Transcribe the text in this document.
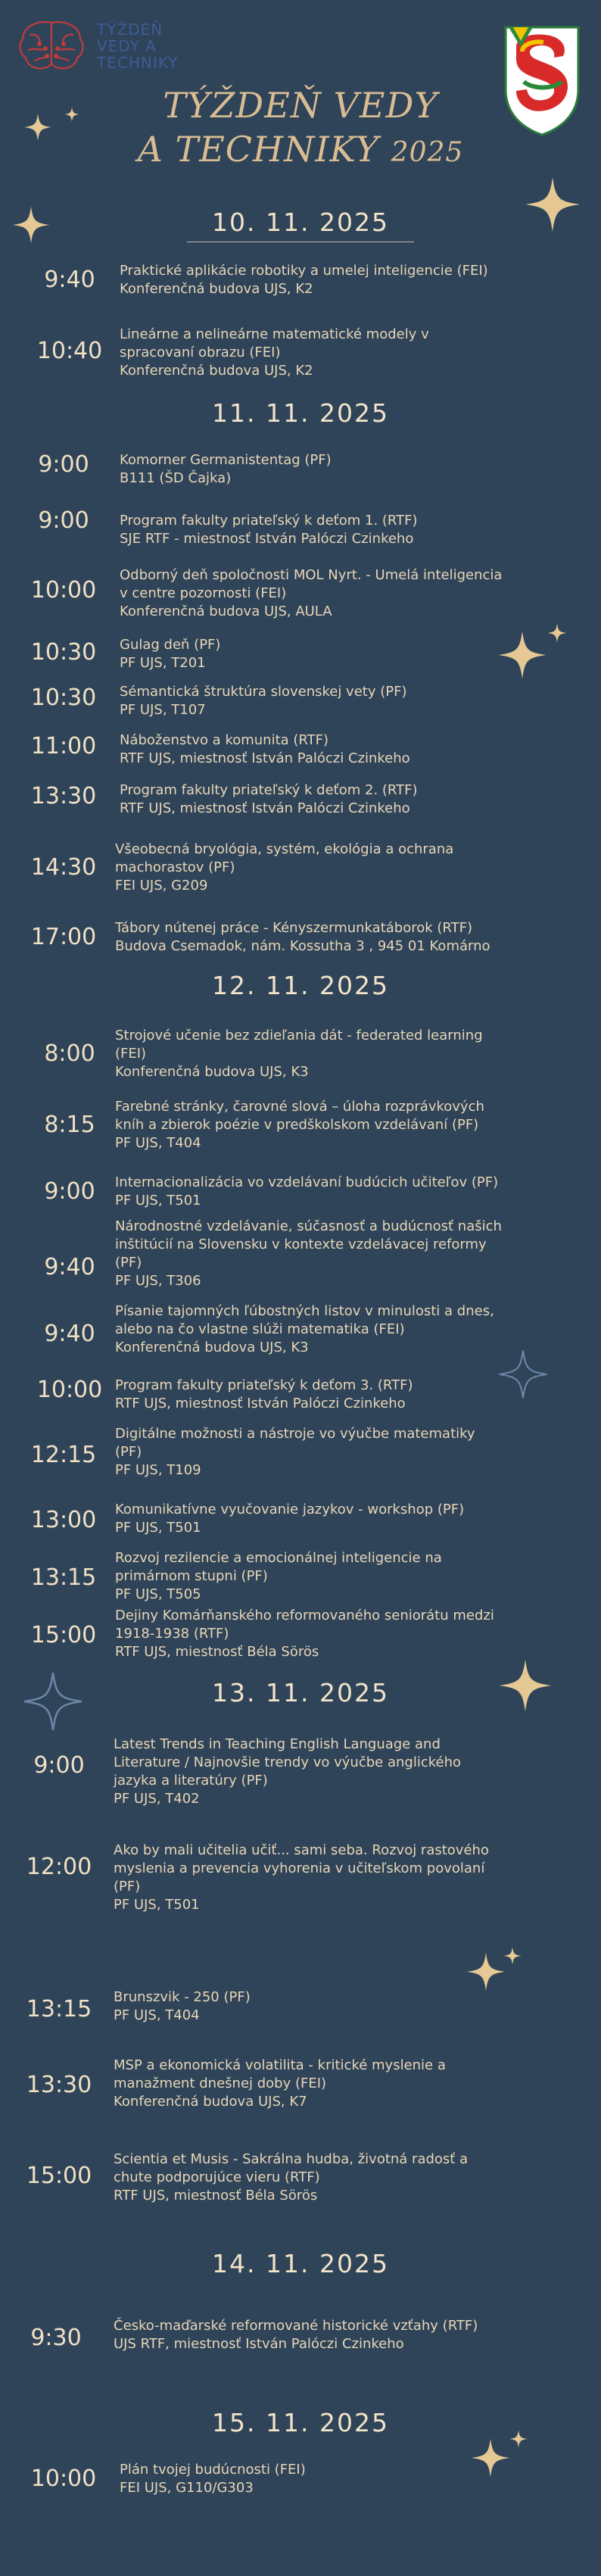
TÝŽDEŇ
VEDY A
TECHNIKY
TÝŽDEŇ VEDY
A TECHNIKY 2025
10. 11. 2025
9:40	Praktické aplikácie robotiky a umelej inteligencie (FEI)
Konferenčná budova UJS, K2
10:40
Lineárne a nelineárne matematické modely v
spracovaní obrazu (FEI)
Konferenčná budova UJS, K2
11. 11. 2025
9:00	Komorner Germanistentag (PF)
B111 (ŠD Čajka)
9:00	Program fakulty priateľský k deťom 1. (RTF)
SJE RTF - miestnosť István Palóczi Czinkeho
10:00
Odborný deň spoločnosti MOL Nyrt. - Umelá inteligencia
v centre pozornosti (FEI)
Konferenčná budova UJS, AULA
10:30	Gulag deň (PF)
PF UJS, T201
10:30	Sémantická štruktúra slovenskej vety (PF)
PF UJS, T107
11:00	Náboženstvo a komunita (RTF)
RTF UJS, miestnosť István Palóczi Czinkeho
13:30	Program fakulty priateľský k deťom 2. (RTF)
RTF UJS, miestnosť István Palóczi Czinkeho
14:30
Všeobecná bryológia, systém, ekológia a ochrana
machorastov (PF)
FEI UJS, G209
17:00	Tábory nútenej práce - Kényszermunkatáborok (RTF)
Budova Csemadok, nám. Kossutha 3 , 945 01 Komárno
12. 11. 2025
8:00
Strojové učenie bez zdieľania dát - federated learning
(FEI)
Konferenčná budova UJS, K3
8:15
Farebné stránky, čarovné slová – úloha rozprávkových
kníh a zbierok poézie v predškolskom vzdelávaní (PF)
PF UJS, T404
9:00	Internacionalizácia vo vzdelávaní budúcich učiteľov (PF)
PF UJS, T501
9:40
Národnostné vzdelávanie, súčasnosť a budúcnosť našich
inštitúcií na Slovensku v kontexte vzdelávacej reformy
(PF)
PF UJS, T306
9:40
Písanie tajomných ľúbostných listov v minulosti a dnes,
alebo na čo vlastne slúži matematika (FEI)
Konferenčná budova UJS, K3
10:00 Program fakulty priateľský k deťom 3. (RTF)
RTF UJS, miestnosť István Palóczi Czinkeho
12:15
Digitálne možnosti a nástroje vo výučbe matematiky
(PF)
PF UJS, T109
13:00	Komunikatívne vyučovanie jazykov - workshop (PF)
PF UJS, T501
13:15
Rozvoj rezilencie a emocionálnej inteligencie na
primárnom stupni (PF)
PF UJS, T505
15:00
Dejiny Komárňanského reformovaného seniorátu medzi
1918-1938 (RTF)
RTF UJS, miestnosť Béla Sörös
13. 11. 2025
9:00
Latest Trends in Teaching English Language and
Literature / Najnovšie trendy vo výučbe anglického
jazyka a literatúry (PF)
PF UJS, T402
12:00
Ako by mali učitelia učiť... sami seba. Rozvoj rastového
myslenia a prevencia vyhorenia v učiteľskom povolaní
(PF)
PF UJS, T501
13:15	Brunszvik - 250 (PF)
PF UJS, T404
13:30
MSP a ekonomická volatilita - kritické myslenie a
manažment dnešnej doby (FEI)
Konferenčná budova UJS, K7
15:00
Scientia et Musis - Sakrálna hudba, životná radosť a
chute podporujúce vieru (RTF)
RTF UJS, miestnosť Béla Sörös
14. 11. 2025
9:30	Česko-maďarské reformované historické vzťahy (RTF)
UJS RTF, miestnosť István Palóczi Czinkeho
15. 11. 2025
10:00	Plán tvojej budúcnosti (FEI)
FEI UJS, G110/G303
